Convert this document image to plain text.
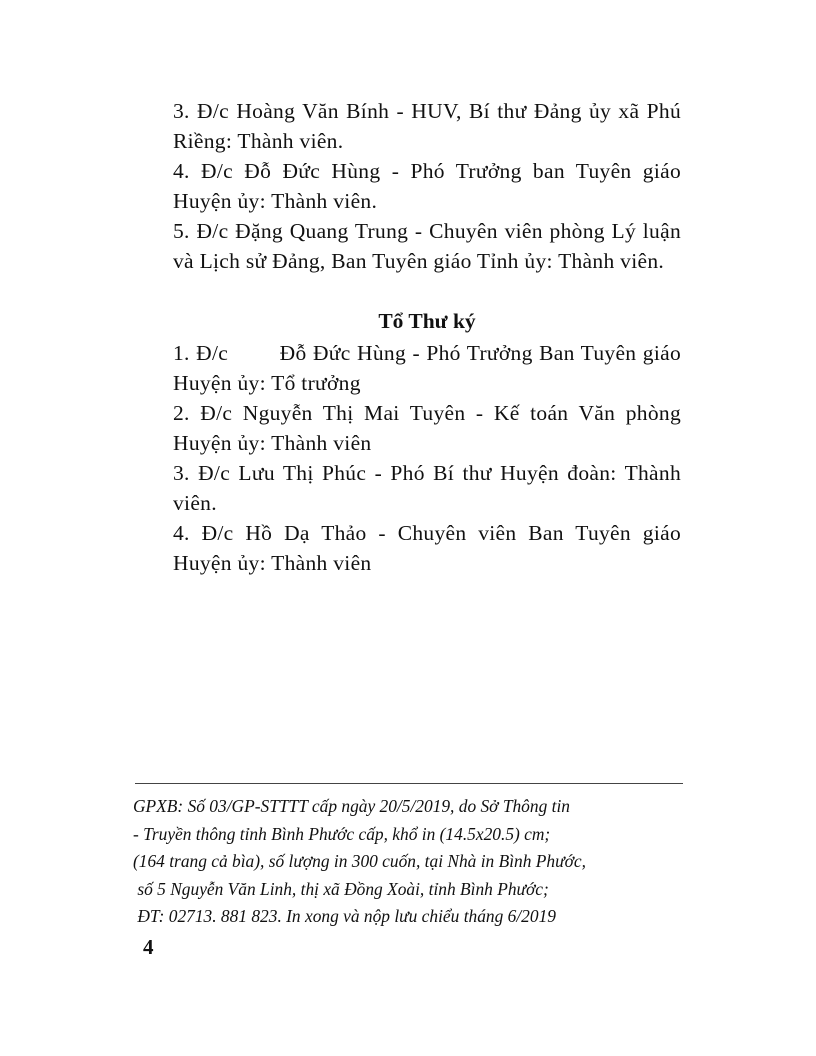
3. Đ/c Hoàng Văn Bính - HUV, Bí thư Đảng ủy xã Phú Riềng: Thành viên.

4. Đ/c Đỗ Đức Hùng - Phó Trưởng ban Tuyên giáo Huyện ủy: Thành viên.

5. Đ/c Đặng Quang Trung - Chuyên viên phòng Lý luận và Lịch sử Đảng, Ban Tuyên giáo Tỉnh ủy: Thành viên.

Tổ Thư ký

1. Đ/c        Đỗ Đức Hùng - Phó Trưởng Ban Tuyên giáo Huyện ủy: Tổ trưởng

2. Đ/c Nguyễn Thị Mai Tuyên - Kế toán Văn phòng Huyện ủy: Thành viên

3. Đ/c Lưu Thị Phúc - Phó Bí thư Huyện đoàn: Thành viên.

4. Đ/c Hồ Dạ Thảo - Chuyên viên Ban Tuyên giáo Huyện ủy: Thành viên

GPXB: Số 03/GP-STTTT cấp ngày 20/5/2019, do Sở Thông tin
- Truyền thông tỉnh Bình Phước cấp, khổ in (14.5x20.5) cm;
(164 trang cả bìa), số lượng in 300 cuốn, tại Nhà in Bình Phước,
số 5 Nguyễn Văn Linh, thị xã Đồng Xoài, tỉnh Bình Phước;
ĐT: 02713. 881 823. In xong và nộp lưu chiểu tháng 6/2019

4
